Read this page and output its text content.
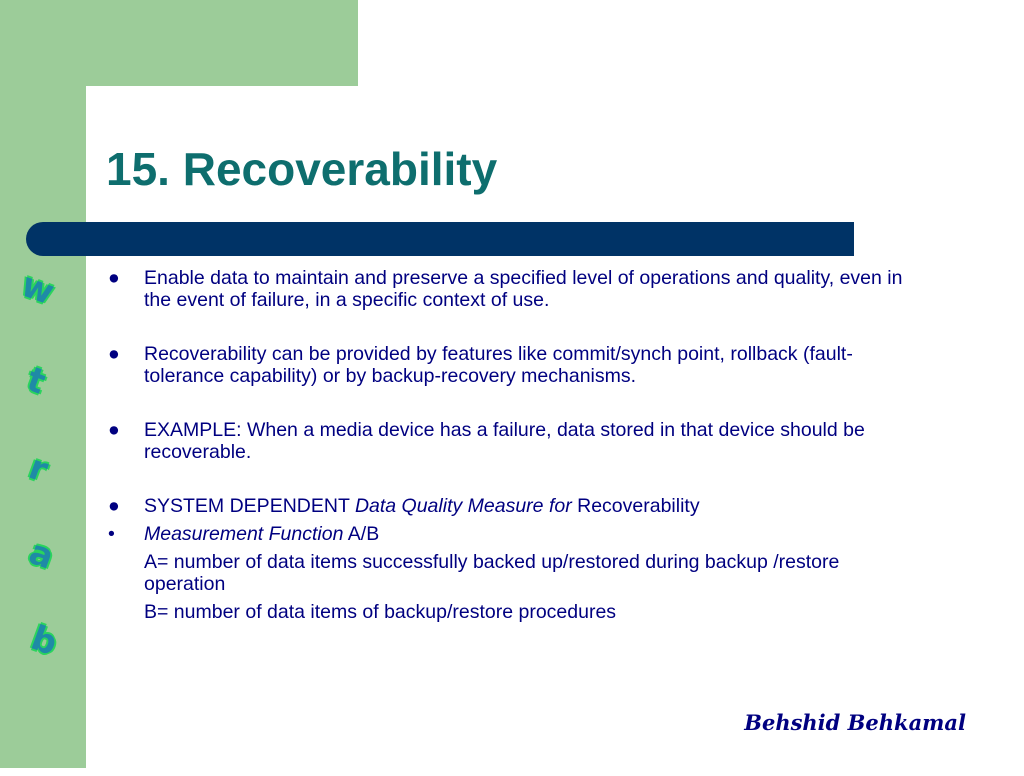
w
t
r
a
b
15. Recoverability
●	Enable data to maintain and preserve a specified level of operations and quality, even in the event of failure, in a specific context of use.
●	Recoverability can be provided by features like commit/synch point, rollback (fault-tolerance capability) or by backup-recovery mechanisms.
●	EXAMPLE: When a media device has a failure, data stored in that device should be recoverable.
●	SYSTEM DEPENDENT Data Quality Measure for Recoverability
•	Measurement Function A/B
A= number of data items successfully backed up/restored during backup /restore operation
B= number of data items of backup/restore procedures
Behshid Behkamal
